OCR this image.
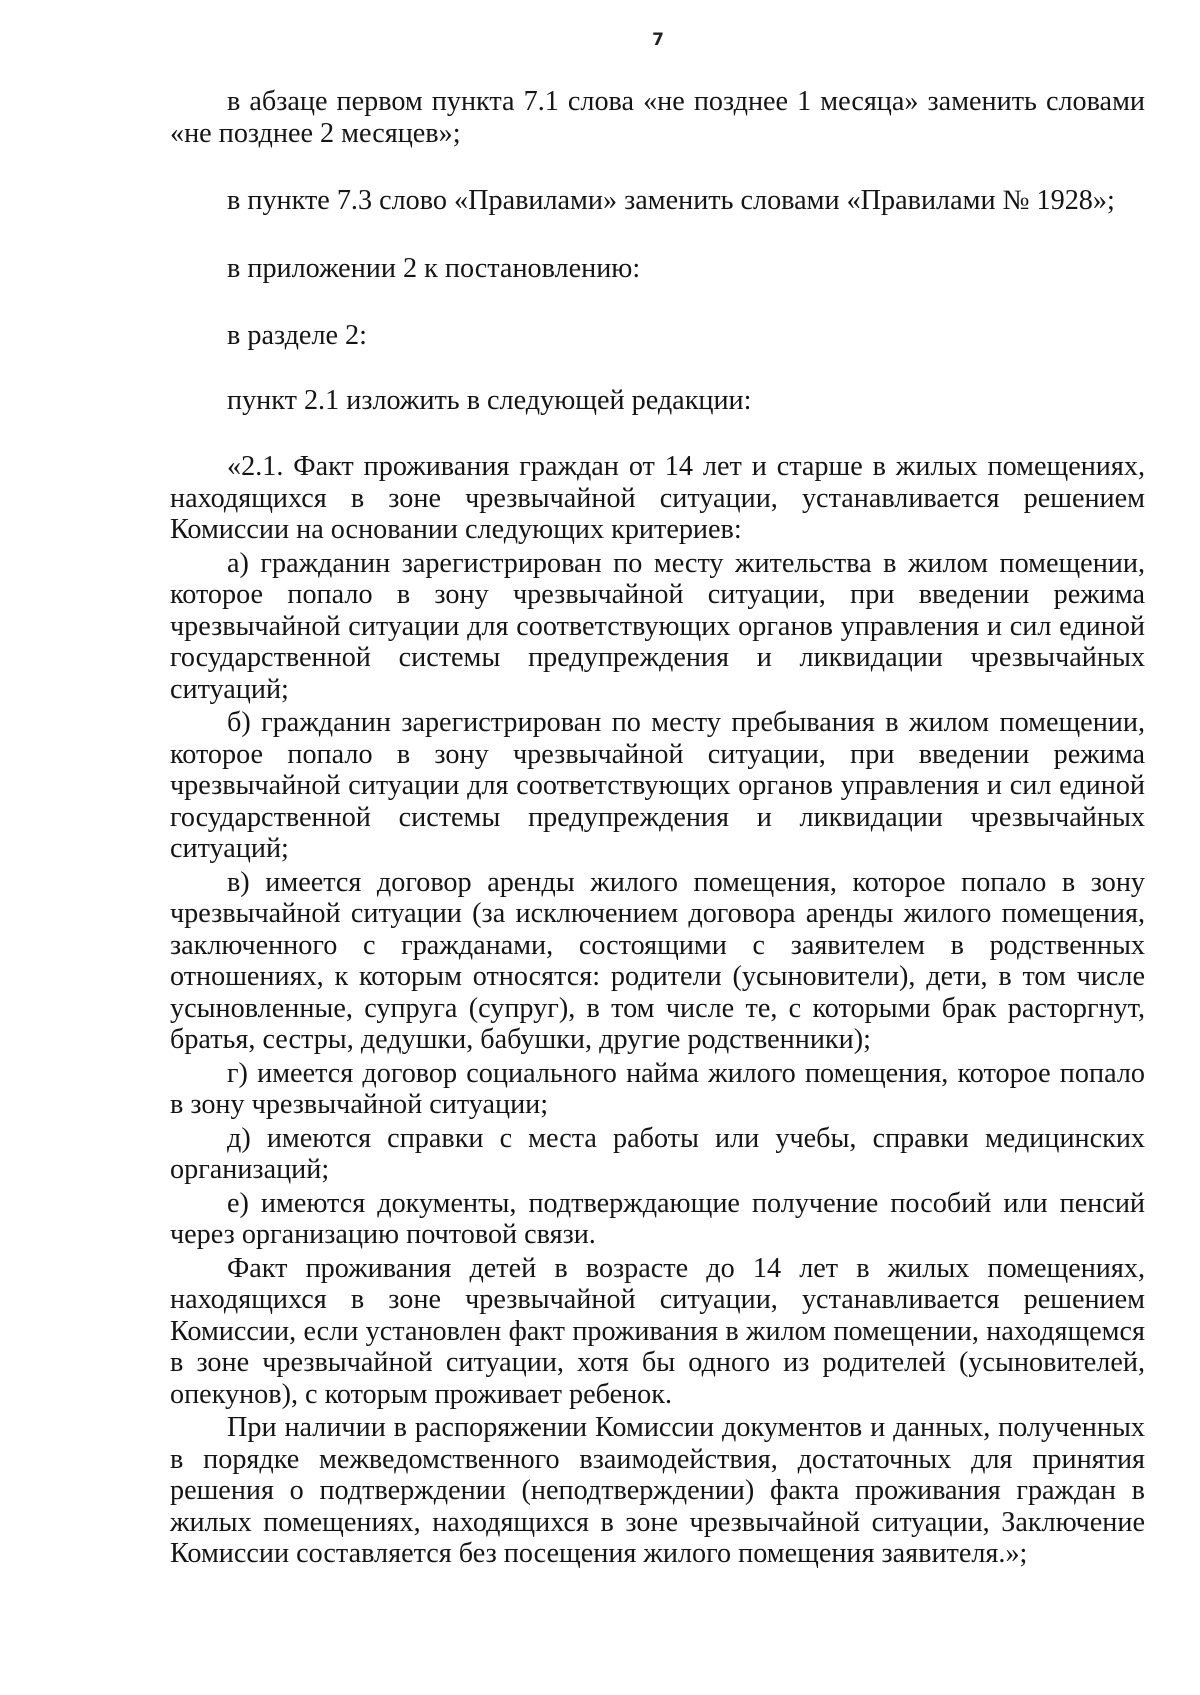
7

в абзаце первом пункта 7.1 слова «не позднее 1 месяца» заменить словами «не позднее 2 месяцев»;

в пункте 7.3 слово «Правилами» заменить словами «Правилами № 1928»;

в приложении 2 к постановлению:

в разделе 2:

пункт 2.1 изложить в следующей редакции:

«2.1. Факт проживания граждан от 14 лет и старше в жилых помещениях, находящихся в зоне чрезвычайной ситуации, устанавливается решением Комиссии на основании следующих критериев:

а) гражданин зарегистрирован по месту жительства в жилом помещении, которое попало в зону чрезвычайной ситуации, при введении режима чрезвычайной ситуации для соответствующих органов управления и сил единой государственной системы предупреждения и ликвидации чрезвычайных ситуаций;

б) гражданин зарегистрирован по месту пребывания в жилом помещении, которое попало в зону чрезвычайной ситуации, при введении режима чрезвычайной ситуации для соответствующих органов управления и сил единой государственной системы предупреждения и ликвидации чрезвычайных ситуаций;

в) имеется договор аренды жилого помещения, которое попало в зону чрезвычайной ситуации (за исключением договора аренды жилого помещения, заключенного с гражданами, состоящими с заявителем в родственных отношениях, к которым относятся: родители (усыновители), дети, в том числе усыновленные, супруга (супруг), в том числе те, с которыми брак расторгнут, братья, сестры, дедушки, бабушки, другие родственники);

г) имеется договор социального найма жилого помещения, которое попало в зону чрезвычайной ситуации;

д) имеются справки с места работы или учебы, справки медицинских организаций;

е) имеются документы, подтверждающие получение пособий или пенсий через организацию почтовой связи.

Факт проживания детей в возрасте до 14 лет в жилых помещениях, находящихся в зоне чрезвычайной ситуации, устанавливается решением Комиссии, если установлен факт проживания в жилом помещении, находящемся в зоне чрезвычайной ситуации, хотя бы одного из родителей (усыновителей, опекунов), с которым проживает ребенок.

При наличии в распоряжении Комиссии документов и данных, полученных в порядке межведомственного взаимодействия, достаточных для принятия решения о подтверждении (неподтверждении) факта проживания граждан в жилых помещениях, находящихся в зоне чрезвычайной ситуации, Заключение Комиссии составляется без посещения жилого помещения заявителя.»;
